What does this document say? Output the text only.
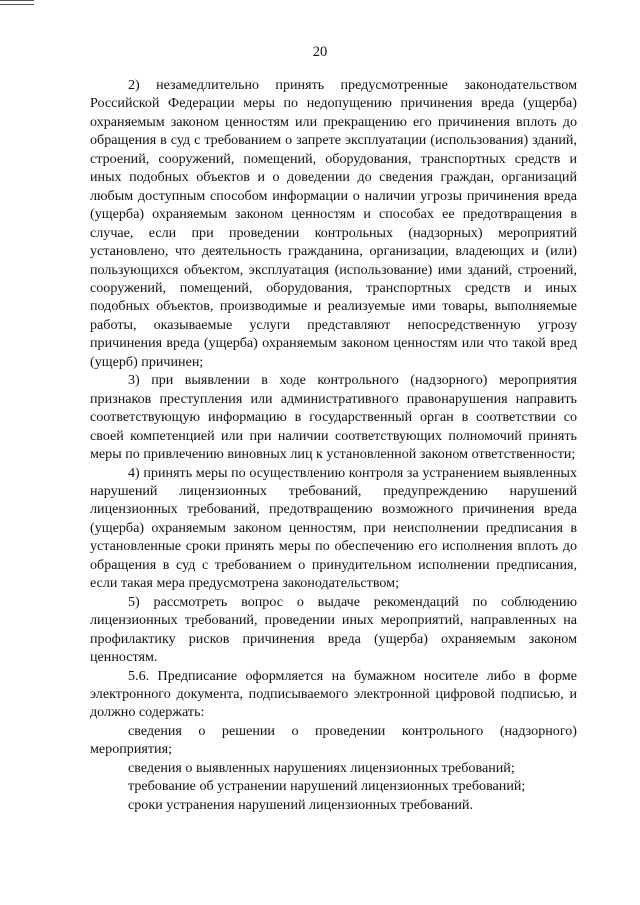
20

2) незамедлительно принять предусмотренные законодательством Российской Федерации меры по недопущению причинения вреда (ущерба) охраняемым законом ценностям или прекращению его причинения вплоть до обращения в суд с требованием о запрете эксплуатации (использования) зданий, строений, сооружений, помещений, оборудования, транспортных средств и иных подобных объектов и о доведении до сведения граждан, организаций любым доступным способом информации о наличии угрозы причинения вреда (ущерба) охраняемым законом ценностям и способах ее предотвращения в случае, если при проведении контрольных (надзорных) мероприятий установлено, что деятельность гражданина, организации, владеющих и (или) пользующихся объектом, эксплуатация (использование) ими зданий, строений, сооружений, помещений, оборудования, транспортных средств и иных подобных объектов, производимые и реализуемые ими товары, выполняемые работы, оказываемые услуги представляют непосредственную угрозу причинения вреда (ущерба) охраняемым законом ценностям или что такой вред (ущерб) причинен;

3) при выявлении в ходе контрольного (надзорного) мероприятия признаков преступления или административного правонарушения направить соответствующую информацию в государственный орган в соответствии со своей компетенцией или при наличии соответствующих полномочий принять меры по привлечению виновных лиц к установленной законом ответственности;

4) принять меры по осуществлению контроля за устранением выявленных нарушений лицензионных требований, предупреждению нарушений лицензионных требований, предотвращению возможного причинения вреда (ущерба) охраняемым законом ценностям, при неисполнении предписания в установленные сроки принять меры по обеспечению его исполнения вплоть до обращения в суд с требованием о принудительном исполнении предписания, если такая мера предусмотрена законодательством;

5) рассмотреть вопрос о выдаче рекомендаций по соблюдению лицензионных требований, проведении иных мероприятий, направленных на профилактику рисков причинения вреда (ущерба) охраняемым законом ценностям.

5.6. Предписание оформляется на бумажном носителе либо в форме электронного документа, подписываемого электронной цифровой подписью, и должно содержать:

сведения о решении о проведении контрольного (надзорного) мероприятия;

сведения о выявленных нарушениях лицензионных требований;

требование об устранении нарушений лицензионных требований;

сроки устранения нарушений лицензионных требований.
